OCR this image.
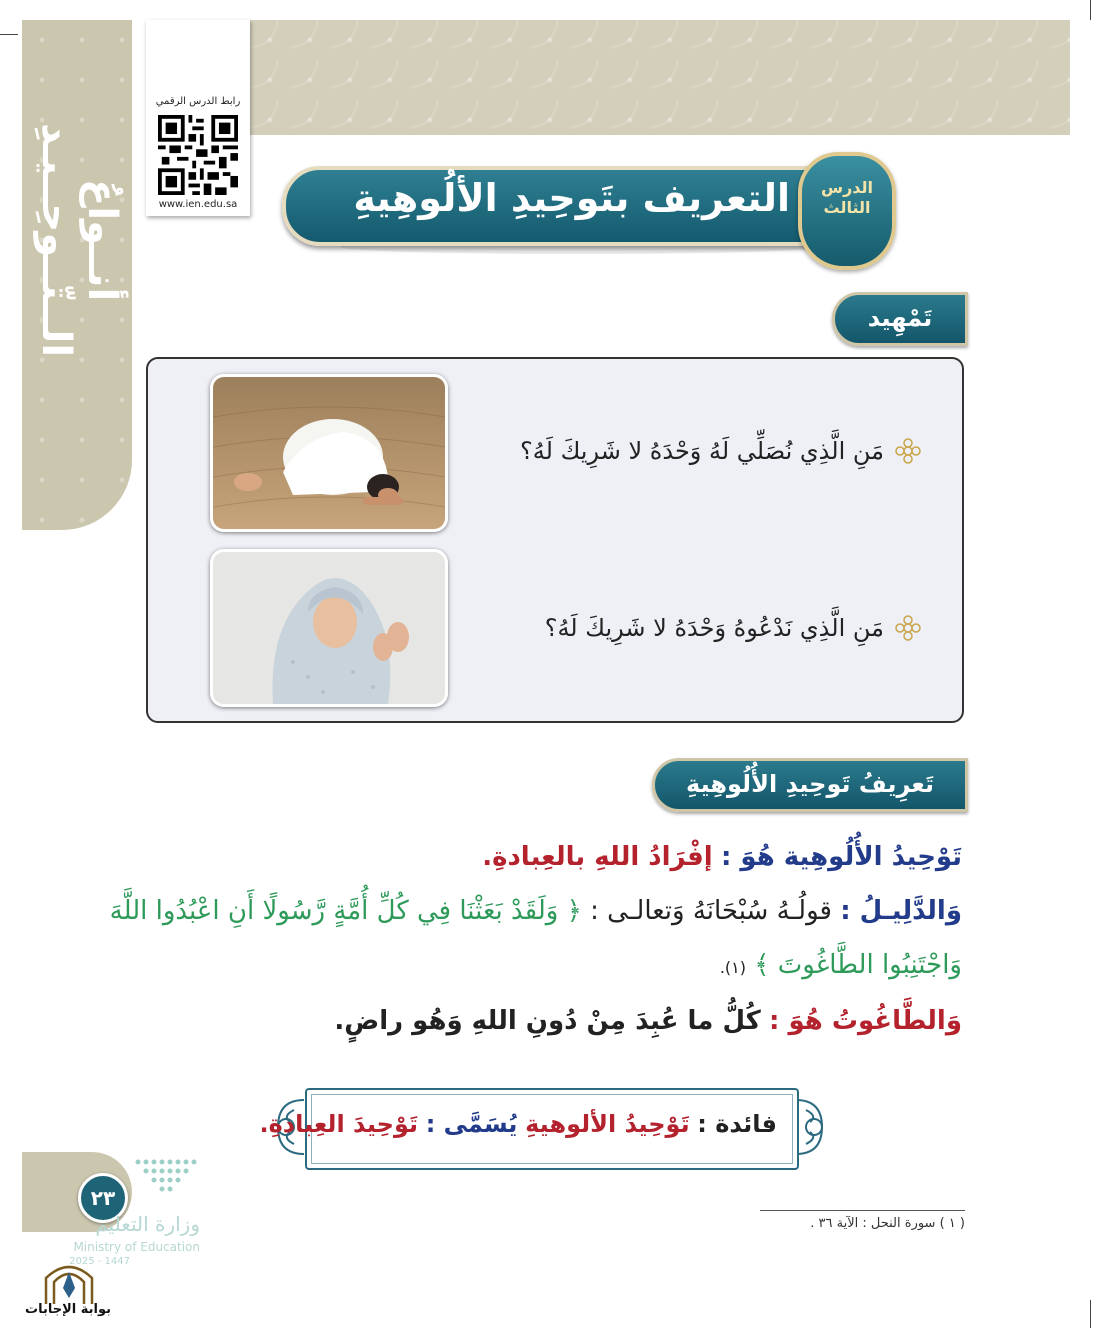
أنــواعُ الــتّــوحِــيـدِ
رابط الدرس الرقمي
www.ien.edu.sa	التعريف بتَوحِيدِ الألُوهِيةِ	الدرس
الثالث
تَمْهِيد
مَنِ الَّذِي نُصَلِّي لَهُ وَحْدَهُ لا شَرِيكَ لَهُ؟
مَنِ الَّذِي نَدْعُوهُ وَحْدَهُ لا شَرِيكَ لَهُ؟
تَعرِيفُ تَوحِيدِ الأُلُوهِيةِ
تَوْحِيدُ الأُلُوهِية هُوَ : إفْرَادُ اللهِ بالعِبادةِ.
وَالدَّلِيـلُ : قولُـهُ سُبْحَانَهُ وَتعالـى : ﴿ وَلَقَدْ بَعَثْنَا فِي كُلِّ أُمَّةٍ رَّسُولًا أَنِ اعْبُدُوا اللَّهَ
وَاجْتَنِبُوا الطَّاغُوتَ ﴾ (١).
وَالطَّاغُوتُ هُوَ : كُلُّ ما عُبِدَ مِنْ دُونِ اللهِ وَهُو راضٍ.
فائدة : تَوْحِيدُ الألوهيةِ يُسَمَّى : تَوْحِيدَ العِبادةِ.
( ١ ) سورة النحل : الآية ٣٦ .
٢٣
وزارة التعليم
Ministry of Education
2025 - 1447
بوابة الإجابات
